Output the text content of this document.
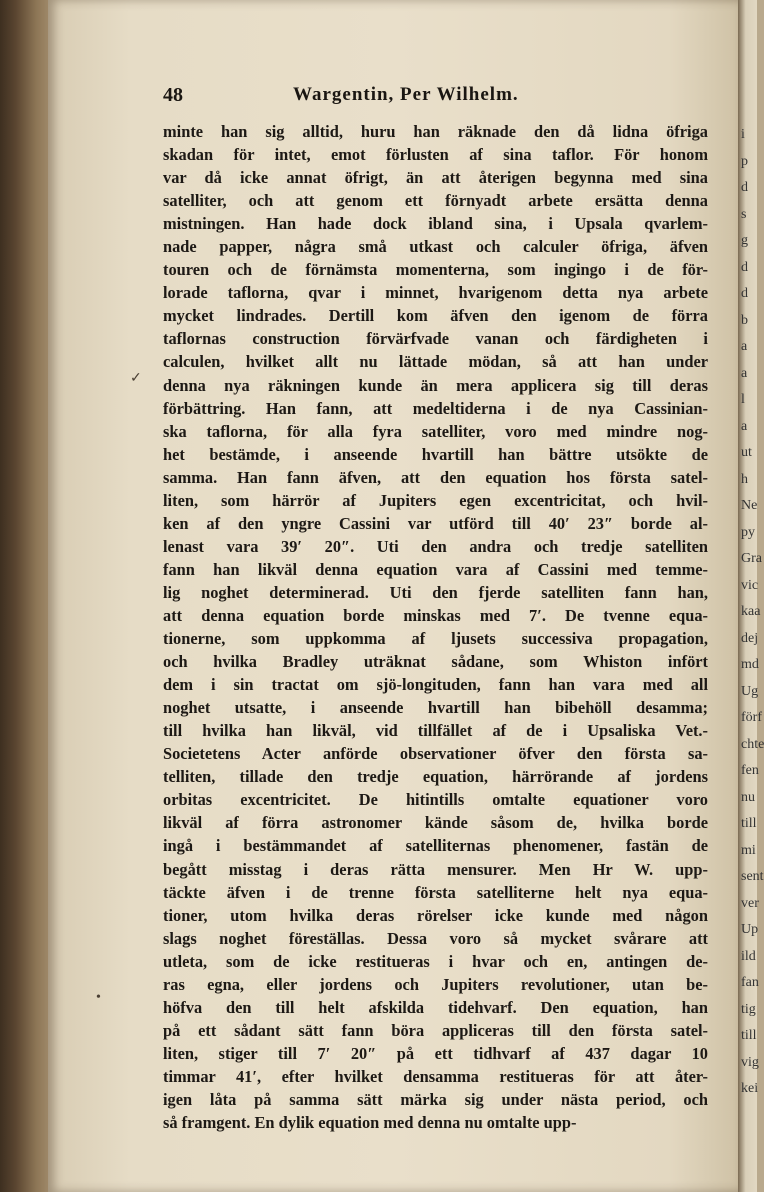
i
p
d
s
g
d
d
b
a
a
l
a
ut
h
Ne
py
Gra
vic
kaa
dej
md
Ug
förf
chte
fen
nu
till
mi
sent
ver
Up
ild
fan
tig
till
vig
kei
48	Wargentin, Per Wilhelm.
minte han sig alltid, huru han räknade den då lidna öfriga
skadan för intet, emot förlusten af sina taflor. För honom
var då icke annat öfrigt, än att återigen begynna med sina
satelliter, och att genom ett förnyadt arbete ersätta denna
mistningen. Han hade dock ibland sina, i Upsala qvarlem-
nade papper, några små utkast och calculer öfriga, äfven
touren och de förnämsta momenterna, som ingingo i de för-
lorade taflorna, qvar i minnet, hvarigenom detta nya arbete
mycket lindrades. Dertill kom äfven den igenom de förra
taflornas construction förvärfvade vanan och färdigheten i
calculen, hvilket allt nu lättade mödan, så att han under
denna nya räkningen kunde än mera applicera sig till deras
förbättring. Han fann, att medeltiderna i de nya Cassinian-
ska taflorna, för alla fyra satelliter, voro med mindre nog-
het bestämde, i anseende hvartill han bättre utsökte de
samma. Han fann äfven, att den equation hos första satel-
liten, som härrör af Jupiters egen excentricitat, och hvil-
ken af den yngre Cassini var utförd till 40′ 23″ borde al-
lenast vara 39′ 20″. Uti den andra och tredje satelliten
fann han likväl denna equation vara af Cassini med temme-
lig noghet determinerad. Uti den fjerde satelliten fann han,
att denna equation borde minskas med 7′. De tvenne equa-
tionerne, som uppkomma af ljusets successiva propagation,
och hvilka Bradley uträknat sådane, som Whiston infört
dem i sin tractat om sjö-longituden, fann han vara med all
noghet utsatte, i anseende hvartill han bibehöll desamma;
till hvilka han likväl, vid tillfället af de i Upsaliska Vet.-
Societetens Acter anförde observationer öfver den första sa-
telliten, tillade den tredje equation, härrörande af jordens
orbitas excentricitet. De hitintills omtalte equationer voro
likväl af förra astronomer kände såsom de, hvilka borde
ingå i bestämmandet af satelliternas phenomener, fastän de
begått misstag i deras rätta mensurer. Men Hr W. upp-
täckte äfven i de trenne första satelliterne helt nya equa-
tioner, utom hvilka deras rörelser icke kunde med någon
slags noghet föreställas. Dessa voro så mycket svårare att
utleta, som de icke restitueras i hvar och en, antingen de-
ras egna, eller jordens och Jupiters revolutioner, utan be-
höfva den till helt afskilda tidehvarf. Den equation, han
på ett sådant sätt fann böra appliceras till den första satel-
liten, stiger till 7′ 20″ på ett tidhvarf af 437 dagar 10
timmar 41′, efter hvilket densamma restitueras för att åter-
igen låta på samma sätt märka sig under nästa period, och
så framgent. En dylik equation med denna nu omtalte upp-
•
✓
